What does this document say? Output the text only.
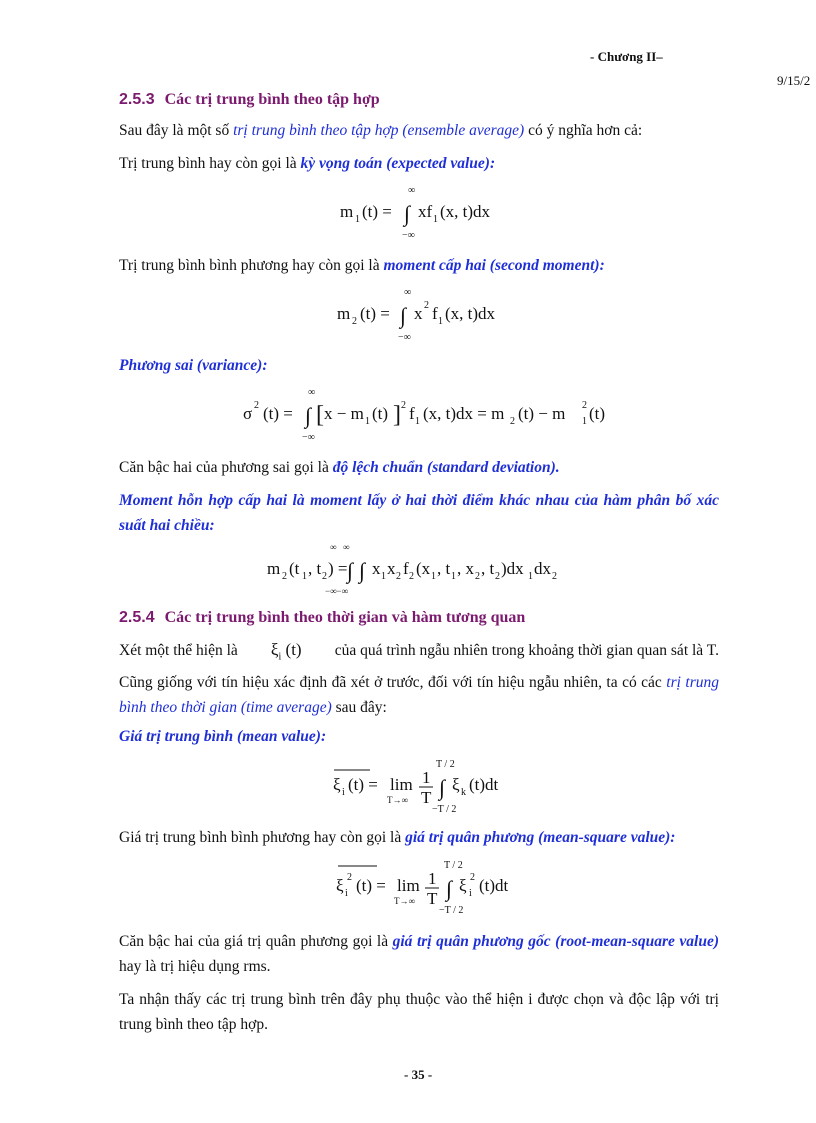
- Chương II–
9/15/2
2.5.3 Các trị trung bình theo tập hợp
Sau đây là một số trị trung bình theo tập hợp (ensemble average) có ý nghĩa hơn cả:
Trị trung bình hay còn gọi là kỳ vọng toán (expected value):
∞
m 1 (t) = ∫ xf 1 (x, t)dx
−∞
Trị trung bình bình phương hay còn gọi là moment cấp hai (second moment):
∞
m 2 (t) = ∫ x 2 f 1 (x, t)dx
−∞
Phương sai (variance):
∞
σ 2 (t) = ∫ [ x − m 1 (t) ] 2 f 1 (x, t)dx = m 2 (t) − m 2
1 (t)
−∞
Căn bậc hai của phương sai gọi là độ lệch chuẩn (standard deviation).
Moment hỗn hợp cấp hai là moment lấy ở hai thời điểm khác nhau của hàm phân bố xác suất hai chiều:
∞ ∞
m 2 (t 1 , t 2 ) = ∫ ∫ x 1 x 2 f 2 (x 1 , t 1 , x 2 , t 2 )dx 1 dx 2
−∞−∞
2.5.4 Các trị trung bình theo thời gian và hàm tương quan
Xét một thể hiện là $\xi_i$ (t) của quá trình ngẫu nhiên trong khoảng thời gian quan sát là T.
Cũng giống với tín hiệu xác định đã xét ở trước, đối với tín hiệu ngẫu nhiên, ta có các trị trung bình theo thời gian (time average) sau đây:
Giá trị trung bình (mean value):
T / 2
ξ i (t) = lim
T→∞
1
T ∫ ξ k (t)dt
−T / 2
Giá trị trung bình bình phương hay còn gọi là giá trị quân phương (mean-square value):
T / 2
ξ 2
i (t) = lim
T→∞
1
T ∫ ξ 2
i (t)dt
−T / 2
Căn bậc hai của giá trị quân phương gọi là giá trị quân phương gốc (root-mean-square value) hay là trị hiệu dụng rms.
Ta nhận thấy các trị trung bình trên đây phụ thuộc vào thể hiện i được chọn và độc lập với trị trung bình theo tập hợp.
- 35 -
